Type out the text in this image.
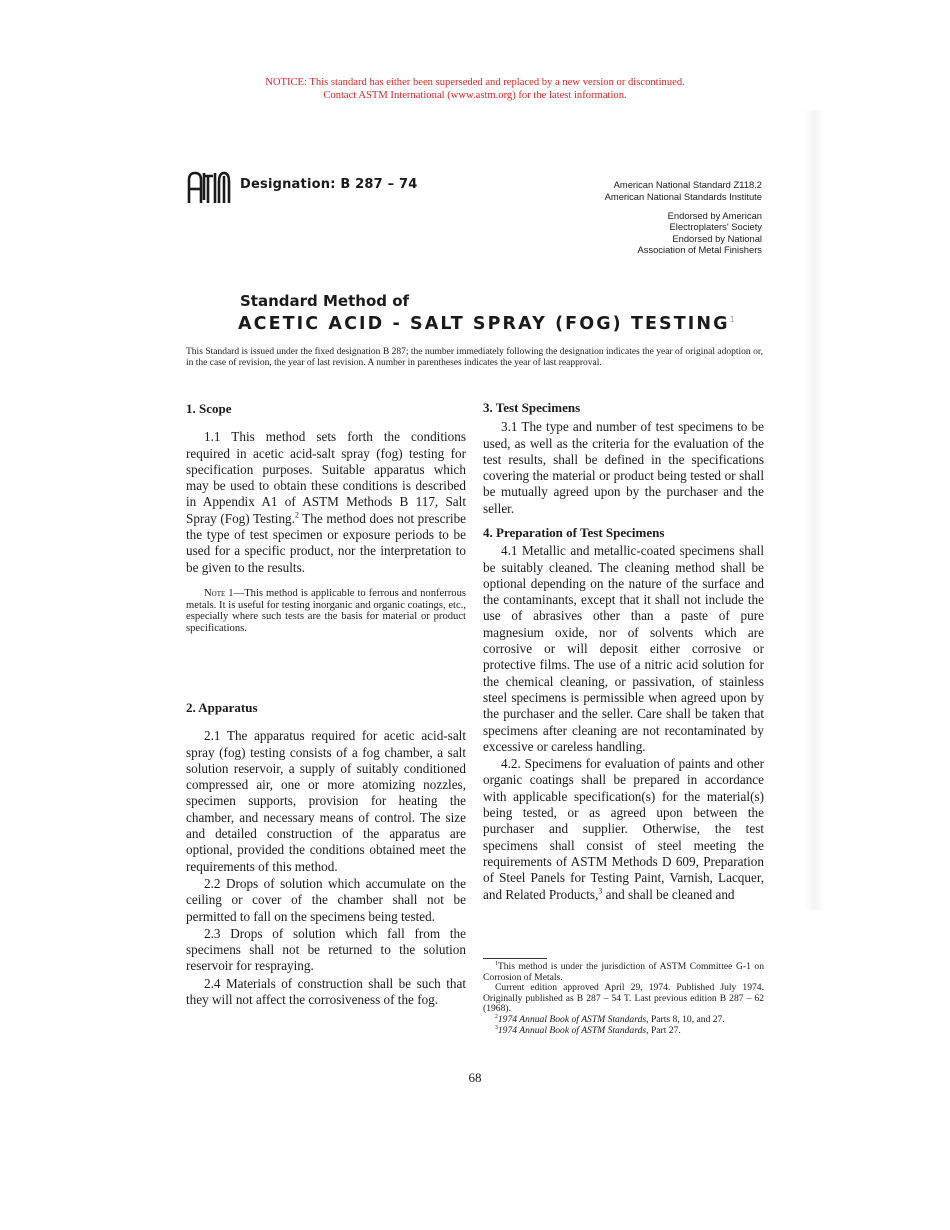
NOTICE: This standard has either been superseded and replaced by a new version or discontinued.
Contact ASTM International (www.astm.org) for the latest information.
ASTM
Designation: B 287 – 74	American National Standard Z118.2
American National Standards Institute
Endorsed by American
Electroplaters' Society
Endorsed by National
Association of Metal Finishers
Standard Method of
ACETIC ACID - SALT SPRAY (FOG) TESTING$^1$
This Standard is issued under the fixed designation B 287; the number immediately following the designation indicates the year of original adoption or, in the case of revision, the year of last revision. A number in parentheses indicates the year of last reapproval.
1. Scope

1.1 This method sets forth the conditions required in acetic acid-salt spray (fog) testing for specification purposes. Suitable apparatus which may be used to obtain these conditions is described in Appendix A1 of ASTM Methods B 117, Salt Spray (Fog) Testing.$^2$ The method does not prescribe the type of test specimen or exposure periods to be used for a specific product, nor the interpretation to be given to the results.

Note 1—This method is applicable to ferrous and nonferrous metals. It is useful for testing inorganic and organic coatings, etc., especially where such tests are the basis for material or product specifications.

2. Apparatus

2.1 The apparatus required for acetic acid-salt spray (fog) testing consists of a fog chamber, a salt solution reservoir, a supply of suitably conditioned compressed air, one or more atomizing nozzles, specimen supports, provision for heating the chamber, and necessary means of control. The size and detailed construction of the apparatus are optional, provided the conditions obtained meet the requirements of this method.

2.2 Drops of solution which accumulate on the ceiling or cover of the chamber shall not be permitted to fall on the specimens being tested.

2.3 Drops of solution which fall from the specimens shall not be returned to the solution reservoir for respraying.

2.4 Materials of construction shall be such that they will not affect the corrosiveness of the fog.

3. Test Specimens

3.1 The type and number of test specimens to be used, as well as the criteria for the evaluation of the test results, shall be defined in the specifications covering the material or product being tested or shall be mutually agreed upon by the purchaser and the seller.

4. Preparation of Test Specimens

4.1 Metallic and metallic-coated specimens shall be suitably cleaned. The cleaning method shall be optional depending on the nature of the surface and the contaminants, except that it shall not include the use of abrasives other than a paste of pure magnesium oxide, nor of solvents which are corrosive or will deposit either corrosive or protective films. The use of a nitric acid solution for the chemical cleaning, or passivation, of stainless steel specimens is permissible when agreed upon by the purchaser and the seller. Care shall be taken that specimens after cleaning are not recontaminated by excessive or careless handling.

4.2. Specimens for evaluation of paints and other organic coatings shall be prepared in accordance with applicable specification(s) for the material(s) being tested, or as agreed upon between the purchaser and supplier. Otherwise, the test specimens shall consist of steel meeting the requirements of ASTM Methods D 609, Preparation of Steel Panels for Testing Paint, Varnish, Lacquer, and Related Products,$^3$ and shall be cleaned and

$^1$This method is under the jurisdiction of ASTM Committee G-1 on Corrosion of Metals.

Current edition approved April 29, 1974. Published July 1974. Originally published as B 287 – 54 T. Last previous edition B 287 – 62 (1968).

$^2$1974 Annual Book of ASTM Standards, Parts 8, 10, and 27.

$^3$1974 Annual Book of ASTM Standards, Part 27.

68
